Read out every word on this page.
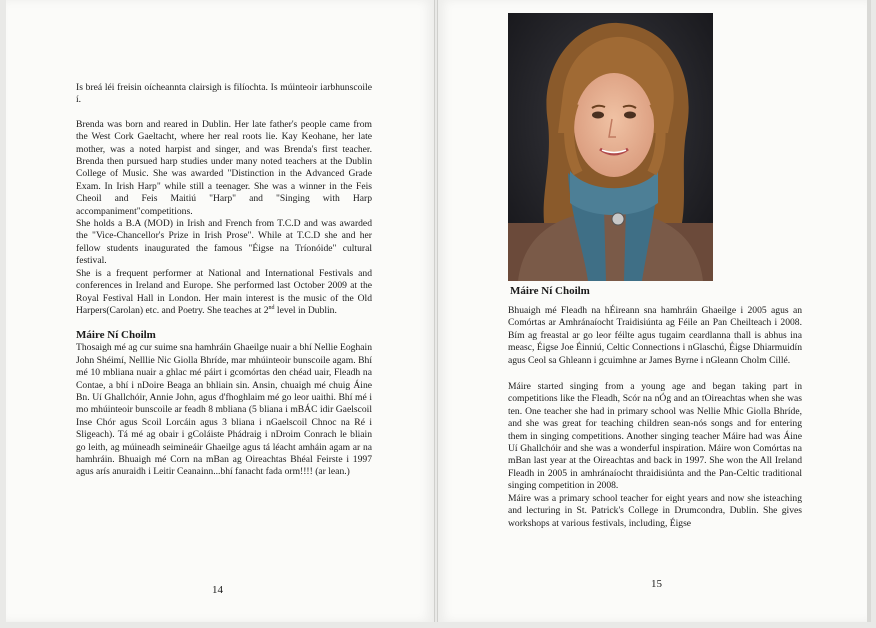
Is breá léi freisin oícheannta clairsigh is filíochta. Is múinteoir iarbhunscoile í.

Brenda was born and reared in Dublin. Her late father's people came from the West Cork Gaeltacht, where her real roots lie. Kay Keohane, her late mother, was a noted harpist and singer, and was Brenda's first teacher. Brenda then pursued harp studies under many noted teachers at the Dublin College of Music. She was awarded "Distinction in the Advanced Grade Exam. In Irish Harp" while still a teenager. She was a winner in the Feis Cheoil and Feis Maitiú "Harp" and "Singing with Harp accompaniment"competitions.

She holds a B.A (MOD) in Irish and French from T.C.D and was awarded the "Vice-Chancellor's Prize in Irish Prose". While at T.C.D she and her fellow students inaugurated the famous "Éigse na Tríonóide" cultural festival.

She is a frequent performer at National and International Festivals and conferences in Ireland and Europe. She performed last October 2009 at the Royal Festival Hall in London. Her main interest is the music of the Old Harpers(Carolan) etc. and Poetry. She teaches at 2nd level in Dublin.

Máire Ní Choilm

Thosaigh mé ag cur suime sna hamhráin Ghaeilge nuair a bhí Nellie Eoghain John Shéimí, Nelllie Nic Giolla Bhríde, mar mhúinteoir bunscoile agam. Bhí mé 10 mbliana nuair a ghlac mé páirt i gcomórtas den chéad uair, Fleadh na Contae, a bhí i nDoire Beaga an bhliain sin. Ansin, chuaigh mé chuig Áine Bn. Uí Ghallchóir, Annie John, agus d'fhoghlaim mé go leor uaithi. Bhí mé i mo mhúinteoir bunscoile ar feadh 8 mbliana (5 bliana i mBÁC idir Gaelscoil Inse Chór agus Scoil Lorcáin agus 3 bliana i nGaelscoil Chnoc na Ré i Sligeach). Tá mé ag obair i gColáiste Phádraig i nDroim Conrach le bliain go leith, ag múineadh seimineáir Ghaeilge agus tá léacht amháin agam ar na hamhráin. Bhuaigh mé Corn na mBan ag Oireachtas Bhéal Feirste i 1997 agus arís anuraidh i Leitir Ceanainn...bhí fanacht fada orm!!!! (ar lean.)

14
Máire Ní Choilm

Bhuaigh mé Fleadh na hÉireann sna hamhráin Ghaeilge i 2005 agus an Comórtas ar Amhránaíocht Traidisiúnta ag Féile an Pan Cheilteach i 2008. Bím ag freastal ar go leor féilte agus tugaim ceardlanna thall is abhus ina measc, Éigse Joe Éinniú, Celtic Connections i nGlaschú, Éigse Dhiarmuidín agus Ceol sa Ghleann i gcuimhne ar James Byrne i nGleann Cholm Cillé.

Máire started singing from a young age and began taking part in competitions like the Fleadh, Scór na nÓg and an tOireachtas when she was ten. One teacher she had in primary school was Nellie Mhic Giolla Bhríde, and she was great for teaching children sean-nós songs and for entering them in singing competitions. Another singing teacher Máire had was Áine Uí Ghallchóir and she was a wonderful inspiration. Máire won Comórtas na mBan last year at the Oireachtas and back in 1997. She won the All Ireland Fleadh in 2005 in amhránaíocht thraidisiúnta and the Pan-Celtic traditional singing competition in 2008.

Máire was a primary school teacher for eight years and now she isteaching and lecturing in St. Patrick's College in Drumcondra, Dublin. She gives workshops at various festivals, including, Éigse

15
